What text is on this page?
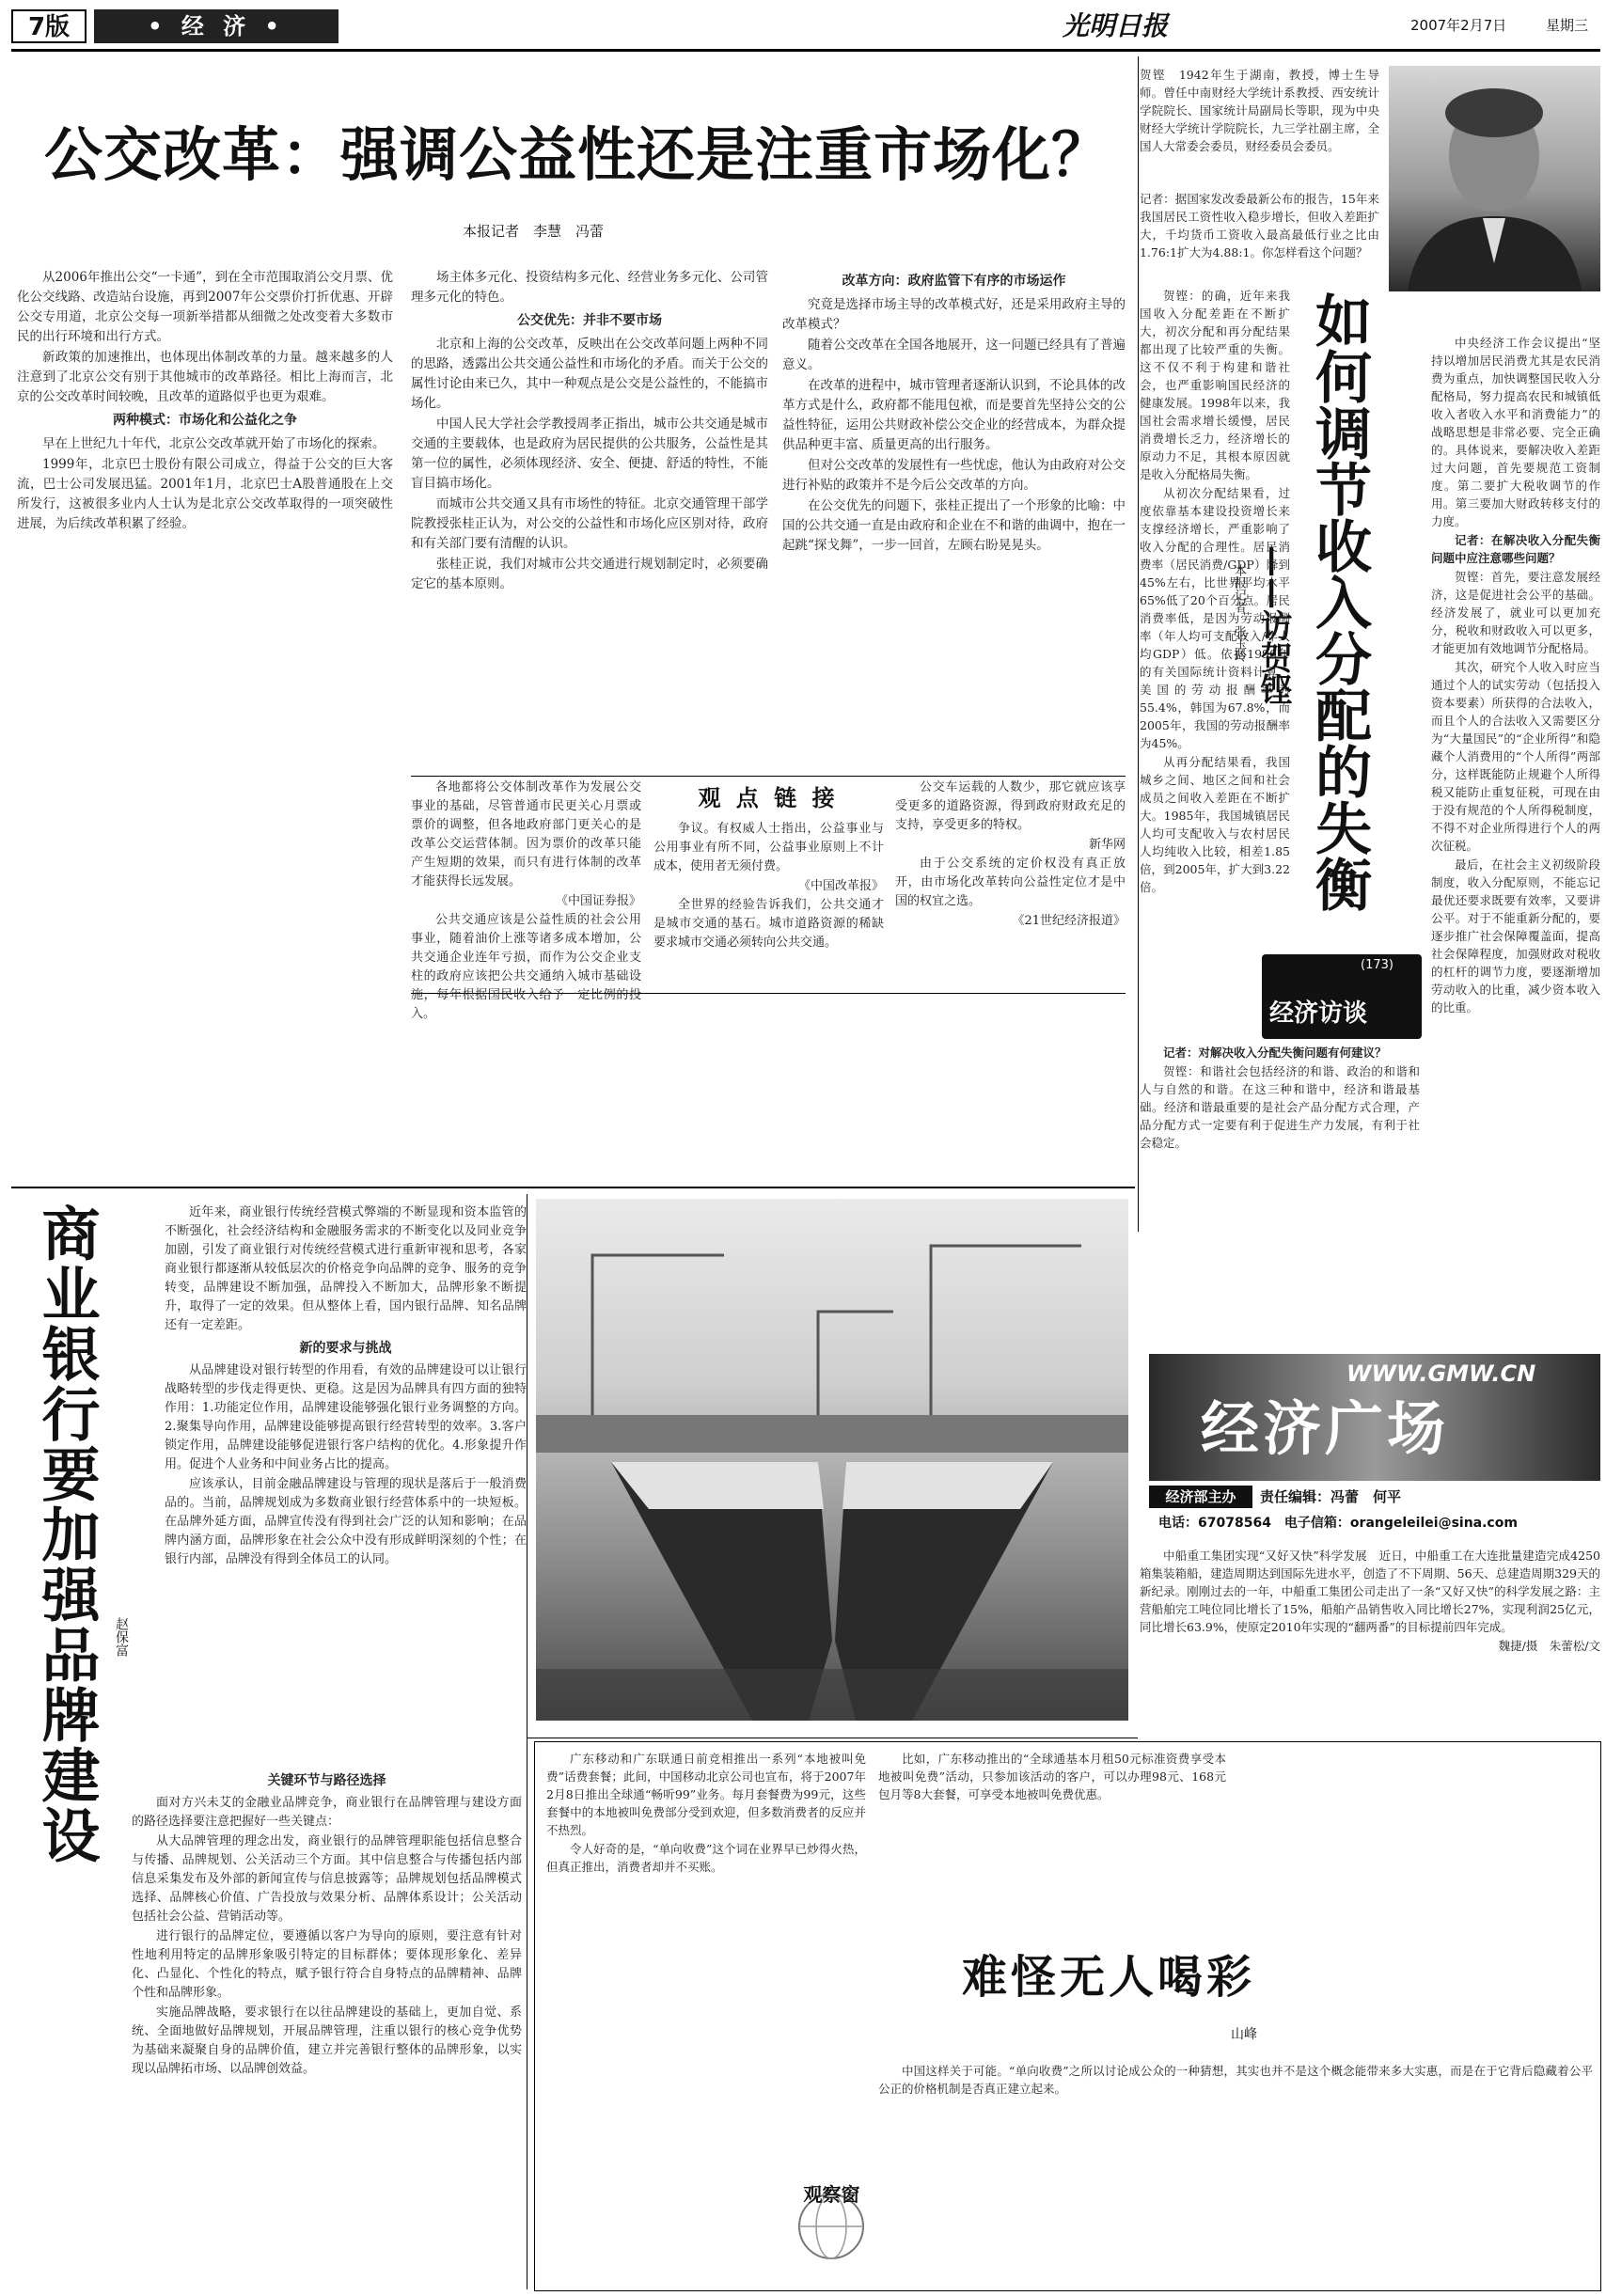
7版	• 经 济 •	光明日报	2007年2月7日	星期三
公交改革：强调公益性还是注重市场化？
本报记者　李慧　冯蕾

从2006年推出公交“一卡通”，到在全市范围取消公交月票、优化公交线路、改造站台设施，再到2007年公交票价打折优惠、开辟公交专用道，北京公交每一项新举措都从细微之处改变着大多数市民的出行环境和出行方式。

新政策的加速推出，也体现出体制改革的力量。越来越多的人注意到了北京公交有别于其他城市的改革路径。相比上海而言，北京的公交改革时间较晚，且改革的道路似乎也更为艰难。

两种模式：市场化和公益化之争

早在上世纪九十年代，北京公交改革就开始了市场化的探索。

1999年，北京巴士股份有限公司成立，得益于公交的巨大客流，巴士公司发展迅猛。2001年1月，北京巴士A股普通股在上交所发行，这被很多业内人士认为是北京公交改革取得的一项突破性进展，为后续改革积累了经验。

场主体多元化、投资结构多元化、经营业务多元化、公司管理多元化的特色。

公交优先：并非不要市场

北京和上海的公交改革，反映出在公交改革问题上两种不同的思路，透露出公共交通公益性和市场化的矛盾。而关于公交的属性讨论由来已久，其中一种观点是公交是公益性的，不能搞市场化。

中国人民大学社会学教授周孝正指出，城市公共交通是城市交通的主要载体，也是政府为居民提供的公共服务，公益性是其第一位的属性，必须体现经济、安全、便捷、舒适的特性，不能盲目搞市场化。

而城市公共交通又具有市场性的特征。北京交通管理干部学院教授张桂正认为，对公交的公益性和市场化应区别对待，政府和有关部门要有清醒的认识。

张桂正说，我们对城市公共交通进行规划制定时，必须要确定它的基本原则。

改革方向：政府监管下有序的市场运作

究竟是选择市场主导的改革模式好，还是采用政府主导的改革模式？

随着公交改革在全国各地展开，这一问题已经具有了普遍意义。

在改革的进程中，城市管理者逐渐认识到，不论具体的改革方式是什么，政府都不能甩包袱，而是要首先坚持公交的公益性特征，运用公共财政补偿公交企业的经营成本，为群众提供品种更丰富、质量更高的出行服务。

但对公交改革的发展性有一些忧虑，他认为由政府对公交进行补贴的政策并不是今后公交改革的方向。

在公交优先的问题下，张桂正提出了一个形象的比喻：中国的公共交通一直是由政府和企业在不和谐的曲调中，抱在一起跳“探戈舞”，一步一回首，左顾右盼晃晃头。

观 点 链 接

各地都将公交体制改革作为发展公交事业的基础，尽管普通市民更关心月票或票价的调整，但各地政府部门更关心的是改革公交运营体制。因为票价的改革只能产生短期的效果，而只有进行体制的改革才能获得长远发展。

《中国证券报》

公共交通应该是公益性质的社会公用事业，随着油价上涨等诸多成本增加，公共交通企业连年亏损，而作为公交企业支柱的政府应该把公共交通纳入城市基础设施，每年根据国民收入给予一定比例的投入。

争议。有权威人士指出，公益事业与公用事业有所不同，公益事业原则上不计成本，使用者无须付费。

《中国改革报》

全世界的经验告诉我们，公共交通才是城市交通的基石。城市道路资源的稀缺要求城市交通必须转向公共交通。

公交车运载的人数少，那它就应该享受更多的道路资源，得到政府财政充足的支持，享受更多的特权。

新华网

由于公交系统的定价权没有真正放开，由市场化改革转向公益性定位才是中国的权宜之选。

《21世纪经济报道》
贺铿　1942年生于湖南，教授，博士生导师。曾任中南财经大学统计系教授、西安统计学院院长、国家统计局副局长等职，现为中央财经大学统计学院院长，九三学社副主席，全国人大常委会委员，财经委员会委员。
记者：据国家发改委最新公布的报告，15年来我国居民工资性收入稳步增长，但收入差距扩大，千均货币工资收入最高最低行业之比由1.76:1扩大为4.88:1。你怎样看这个问题？
如何调节收入分配的失衡
——访贺铿
本报记者　张玉玲

贺铿：的确，近年来我国收入分配差距在不断扩大，初次分配和再分配结果都出现了比较严重的失衡。这不仅不利于构建和谐社会，也严重影响国民经济的健康发展。1998年以来，我国社会需求增长缓慢，居民消费增长乏力，经济增长的原动力不足，其根本原因就是收入分配格局失衡。

从初次分配结果看，过度依靠基本建设投资增长来支撑经济增长，严重影响了收入分配的合理性。居民消费率（居民消费/GDP）降到45%左右，比世界平均水平65%低了20个百分点。居民消费率低，是因为劳动报酬率（年人均可支配收入/年人均GDP）低。依据1990年的有关国际统计资料计算，美国的劳动报酬率为55.4%，韩国为67.8%，而2005年，我国的劳动报酬率为45%。

从再分配结果看，我国城乡之间、地区之间和社会成员之间收入差距在不断扩大。1985年，我国城镇居民人均可支配收入与农村居民人均纯收入比较，相差1.85倍，到2005年，扩大到3.22倍。

(173)
经济访谈

记者：对解决收入分配失衡问题有何建议？

贺铿：和谐社会包括经济的和谐、政治的和谐和人与自然的和谐。在这三种和谐中，经济和谐最基础。经济和谐最重要的是社会产品分配方式合理，产品分配方式一定要有利于促进生产力发展，有利于社会稳定。

中央经济工作会议提出“坚持以增加居民消费尤其是农民消费为重点，加快调整国民收入分配格局，努力提高农民和城镇低收入者收入水平和消费能力”的战略思想是非常必要、完全正确的。具体说来，要解决收入差距过大问题，首先要规范工资制度。第二要扩大税收调节的作用。第三要加大财政转移支付的力度。

记者：在解决收入分配失衡问题中应注意哪些问题？

贺铿：首先，要注意发展经济，这是促进社会公平的基础。经济发展了，就业可以更加充分，税收和财政收入可以更多，才能更加有效地调节分配格局。

其次，研究个人收入时应当通过个人的试实劳动（包括投入资本要素）所获得的合法收入，而且个人的合法收入又需要区分为“大量国民”的“企业所得”和隐藏个人消费用的“个人所得”两部分，这样既能防止规避个人所得税又能防止重复征税，可现在由于没有规范的个人所得税制度，不得不对企业所得进行个人的两次征税。

最后，在社会主义初级阶段制度，收入分配原则，不能忘记最优还要求既要有效率，又要讲公平。对于不能重新分配的，要逐步推广社会保障覆盖面，提高社会保障程度，加强财政对税收的杠杆的调节力度，要逐渐增加劳动收入的比重，减少资本收入的比重。

WWW.GMW.CN
经济广场
经济部主办	责任编辑：冯蕾　何平
电话：67078564　电子信箱：orangeleilei@sina.com

中船重工集团实现“又好又快”科学发展　近日，中船重工在大连批量建造完成4250箱集装箱船，建造周期达到国际先进水平，创造了不下周期、56天、总建造周期329天的新纪录。刚刚过去的一年，中船重工集团公司走出了一条“又好又快”的科学发展之路：主营船舶完工吨位同比增长了15%，船舶产品销售收入同比增长27%，实现利润25亿元，同比增长63.9%，使原定2010年实现的“翻两番”的目标提前四年完成。

魏捷/摄　朱蕾松/文
商业银行要加强品牌建设	赵保富

近年来，商业银行传统经营模式弊端的不断显现和资本监管的不断强化，社会经济结构和金融服务需求的不断变化以及同业竞争加剧，引发了商业银行对传统经营模式进行重新审视和思考，各家商业银行都逐渐从较低层次的价格竞争向品牌的竞争、服务的竞争转变，品牌建设不断加强，品牌投入不断加大，品牌形象不断提升，取得了一定的效果。但从整体上看，国内银行品牌、知名品牌还有一定差距。

新的要求与挑战

从品牌建设对银行转型的作用看，有效的品牌建设可以让银行战略转型的步伐走得更快、更稳。这是因为品牌具有四方面的独特作用：1.功能定位作用，品牌建设能够强化银行业务调整的方向。2.聚集导向作用，品牌建设能够提高银行经营转型的效率。3.客户锁定作用，品牌建设能够促进银行客户结构的优化。4.形象提升作用。促进个人业务和中间业务占比的提高。

应该承认，目前金融品牌建设与管理的现状是落后于一般消费品的。当前，品牌规划成为多数商业银行经营体系中的一块短板。在品牌外延方面，品牌宣传没有得到社会广泛的认知和影响；在品牌内涵方面，品牌形象在社会公众中没有形成鲜明深刻的个性；在银行内部，品牌没有得到全体员工的认同。

关键环节与路径选择

面对方兴未艾的金融业品牌竞争，商业银行在品牌管理与建设方面的路径选择要注意把握好一些关键点：

从大品牌管理的理念出发，商业银行的品牌管理职能包括信息整合与传播、品牌规划、公关活动三个方面。其中信息整合与传播包括内部信息采集发布及外部的新闻宣传与信息披露等；品牌规划包括品牌模式选择、品牌核心价值、广告投放与效果分析、品牌体系设计；公关活动包括社会公益、营销活动等。

进行银行的品牌定位，要遵循以客户为导向的原则，要注意有针对性地利用特定的品牌形象吸引特定的目标群体；要体现形象化、差异化、凸显化、个性化的特点，赋予银行符合自身特点的品牌精神、品牌个性和品牌形象。

实施品牌战略，要求银行在以往品牌建设的基础上，更加自觉、系统、全面地做好品牌规划，开展品牌管理，注重以银行的核心竞争优势为基础来凝聚自身的品牌价值，建立并完善银行整体的品牌形象，以实现以品牌拓市场、以品牌创效益。

广东移动和广东联通日前竞相推出一系列“本地被叫免费”话费套餐；此间，中国移动北京公司也宣布，将于2007年2月8日推出全球通“畅听99”业务。每月套餐费为99元，这些套餐中的本地被叫免费部分受到欢迎，但多数消费者的反应并不热烈。

令人好奇的是，“单向收费”这个词在业界早已炒得火热，但真正推出，消费者却并不买账。

比如，广东移动推出的“全球通基本月租50元标准资费享受本地被叫免费”活动，只参加该活动的客户，可以办理98元、168元包月等8大套餐，可享受本地被叫免费优惠。

难怪无人喝彩
山峰

中国这样关于可能。“单向收费”之所以讨论成公众的一种猜想，其实也并不是这个概念能带来多大实惠，而是在于它背后隐藏着公平公正的价格机制是否真正建立起来。

观察窗
